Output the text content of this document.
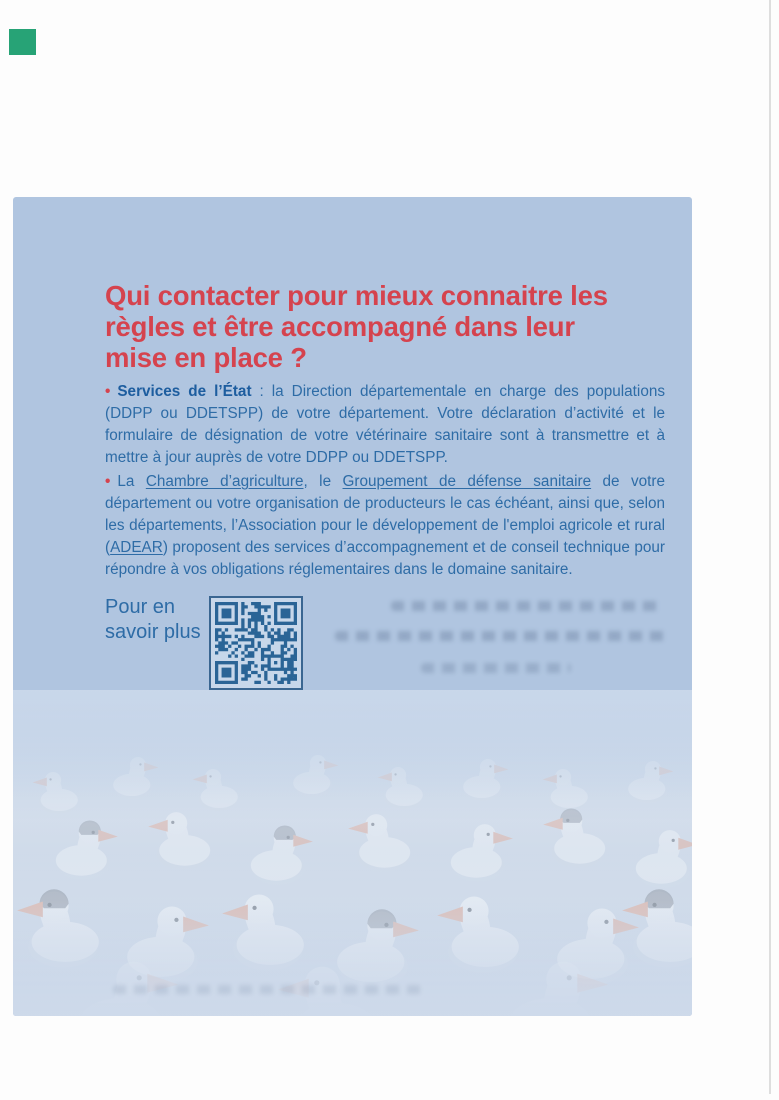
Qui contacter pour mieux connaitre les règles et être accompagné dans leur mise en place ?

• Services de l’État : la Direction départementale en charge des populations (DDPP ou DDETSPP) de votre département. Votre déclaration d’activité et le formulaire de désignation de votre vétérinaire sanitaire sont à transmettre et à mettre à jour auprès de votre DDPP ou DDETSPP.

• La Chambre d’agriculture, le Groupement de défense sanitaire de votre département ou votre organisation de producteurs le cas échéant, ainsi que, selon les départements, l’Association pour le développement de l'emploi agricole et rural (ADEAR) proposent des services d’accompagnement et de conseil technique pour répondre à vos obligations réglementaires dans le domaine sanitaire.

Pour en savoir plus
